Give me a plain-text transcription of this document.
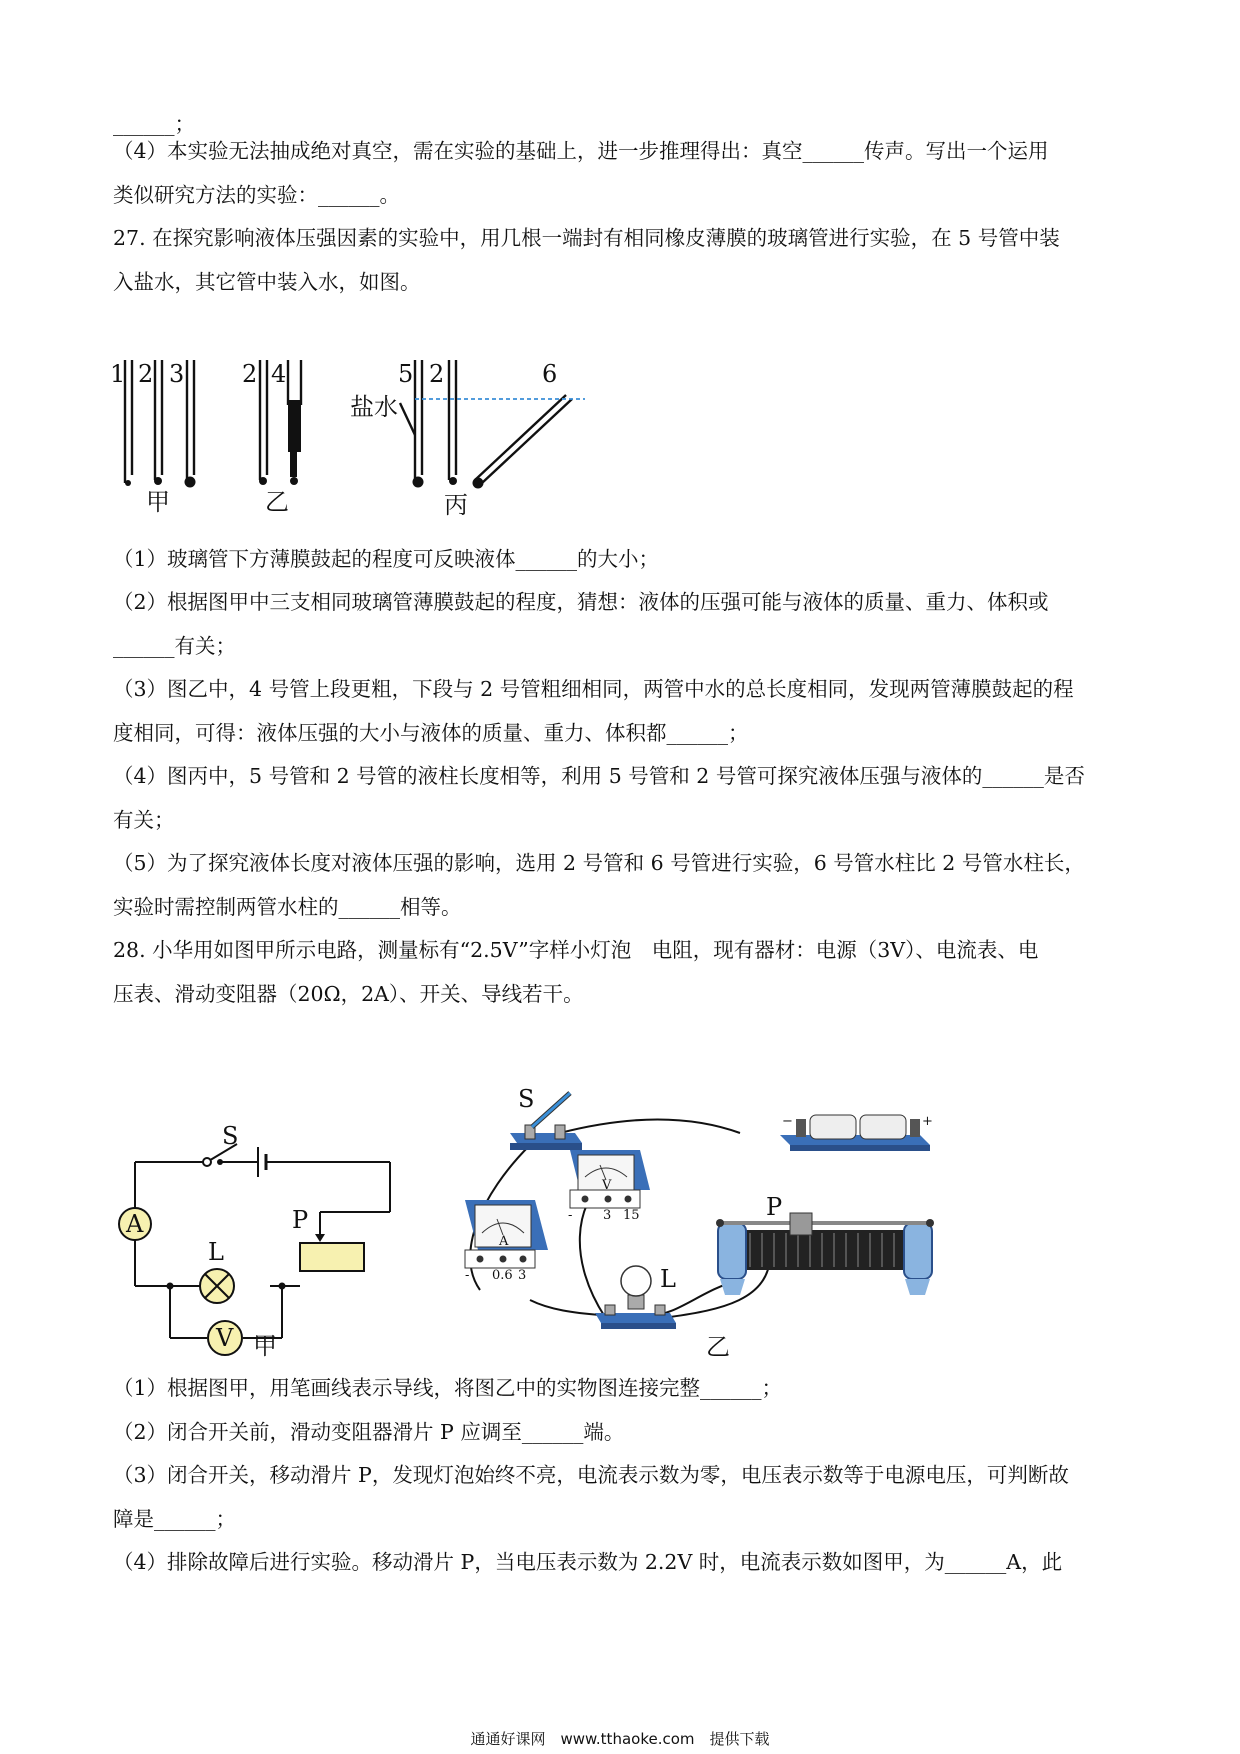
______；
（4）本实验无法抽成绝对真空，需在实验的基础上，进一步推理得出：真空______传声。写出一个运用
类似研究方法的实验：______。
27. 在探究影响液体压强因素的实验中，用几根一端封有相同橡皮薄膜的玻璃管进行实验，在 5 号管中装
入盐水，其它管中装入水，如图。
1 2 3 2 4	5 2	6
盐水
甲	乙	丙
（1）玻璃管下方薄膜鼓起的程度可反映液体______的大小；
（2）根据图甲中三支相同玻璃管薄膜鼓起的程度，猜想：液体的压强可能与液体的质量、重力、体积或
______有关；
（3）图乙中，4 号管上段更粗，下段与 2 号管粗细相同，两管中水的总长度相同，发现两管薄膜鼓起的程
度相同，可得：液体压强的大小与液体的质量、重力、体积都______；
（4）图丙中，5 号管和 2 号管的液柱长度相等，利用 5 号管和 2 号管可探究液体压强与液体的______是否
有关；
（5）为了探究液体长度对液体压强的影响，选用 2 号管和 6 号管进行实验，6 号管水柱比 2 号管水柱长，
实验时需控制两管水柱的______相等。
28. 小华用如图甲所示电路，测量标有“2.5V”字样小灯泡　电阻，现有器材：电源（3V）、电流表、电
压表、滑动变阻器（20Ω，2A）、开关、导线若干。
A
V
S
L
P
甲
S
P
L
乙
V
A
- 3 15
- 0.6 3
−	+
（1）根据图甲，用笔画线表示导线，将图乙中的实物图连接完整______；
（2）闭合开关前，滑动变阻器滑片 P 应调至______端。
（3）闭合开关，移动滑片 P，发现灯泡始终不亮，电流表示数为零，电压表示数等于电源电压，可判断故
障是______；
（4）排除故障后进行实验。移动滑片 P，当电压表示数为 2.2V 时，电流表示数如图甲，为______A，此
通通好课网　www.tthaoke.com　提供下载
